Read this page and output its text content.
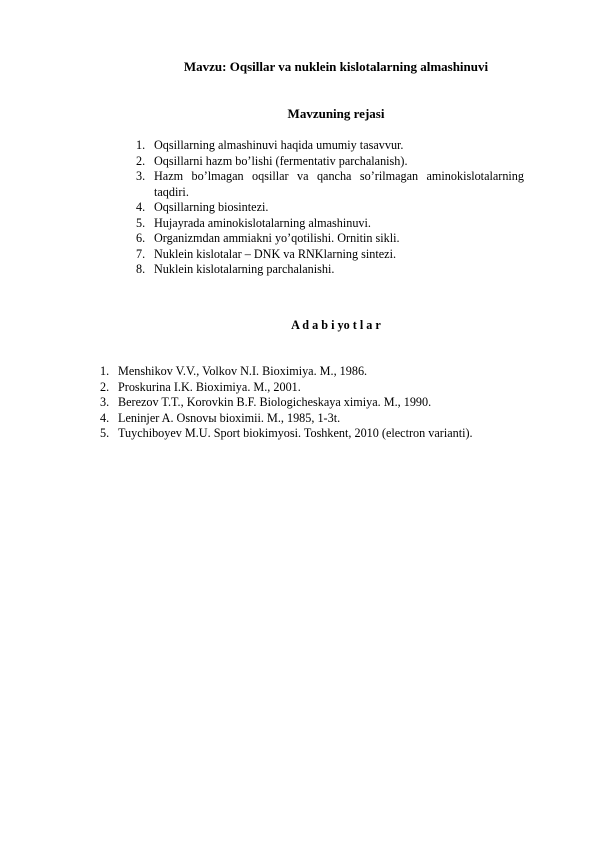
Mavzu: Oqsillar va nuklein kislotalarning almashinuvi
Mavzuning rejasi
1. Oqsillarning almashinuvi haqida umumiy tasavvur.
2. Oqsillarni hazm bo’lishi (fermentativ parchalanish).
3. Hazm bo’lmagan oqsillar va qancha so’rilmagan aminokislotalarning taqdiri.
4. Oqsillarning biosintezi.
5. Hujayrada aminokislotalarning almashinuvi.
6. Organizmdan ammiakni yo’qotilishi. Ornitin sikli.
7. Nuklein kislotalar – DNK va RNKlarning sintezi.
8. Nuklein kislotalarning parchalanishi.
A d a b i yo t l a r
1. Menshikov V.V., Volkov N.I. Bioximiya. M., 1986.
2. Proskurina I.K. Bioximiya. M., 2001.
3. Berezov T.T., Korovkin B.F. Biologicheskaya ximiya. M., 1990.
4. Leninjer A. Osnovы bioximii. M., 1985, 1-3t.
5. Tuychiboyev M.U. Sport biokimyosi. Toshkent, 2010 (electron varianti).
